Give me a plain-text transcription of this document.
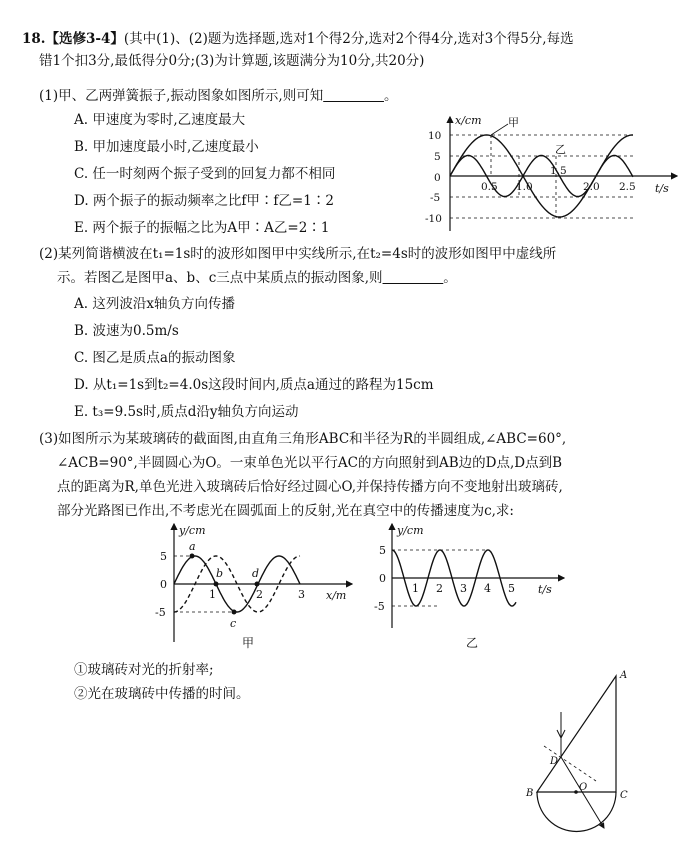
18.【选修3-4】(其中(1)、(2)题为选择题,选对1个得2分,选对2个得4分,选对3个得5分,每选
错1个扣3分,最低得分0分;(3)为计算题,该题满分为10分,共20分)
(1)甲、乙两弹簧振子,振动图象如图所示,则可知_________。
A. 甲速度为零时,乙速度最大
B. 甲加速度最小时,乙速度最小
C. 任一时刻两个振子受到的回复力都不相同
D. 两个振子的振动频率之比f甲∶f乙=1∶2
E. 两个振子的振幅之比为A甲∶A乙=2∶1
x/cm
t/s
甲
乙
10
5
0
-5
-10
0.5 1.0
1.5
2.0 2.5
(2)某列简谐横波在t₁=1s时的波形如图甲中实线所示,在t₂=4s时的波形如图甲中虚线所
示。若图乙是图甲a、b、c三点中某质点的振动图象,则_________。
A. 这列波沿x轴负方向传播
B. 波速为0.5m/s
C. 图乙是质点a的振动图象
D. 从t₁=1s到t₂=4.0s这段时间内,质点a通过的路程为15cm
E. t₃=9.5s时,质点d沿y轴负方向运动
(3)如图所示为某玻璃砖的截面图,由直角三角形ABC和半径为R的半圆组成,∠ABC=60°,
∠ACB=90°,半圆圆心为O。一束单色光以平行AC的方向照射到AB边的D点,D点到B
点的距离为R,单色光进入玻璃砖后恰好经过圆心O,并保持传播方向不变地射出玻璃砖,
部分光路图已作出,不考虑光在圆弧面上的反射,光在真空中的传播速度为c,求:
a
b
c
d
y/cm
x/m
5
0
-5
1	2	3
甲
y/cm
t/s
5
0
-5
1 2 3 4 5
乙
①玻璃砖对光的折射率;
②光在玻璃砖中传播的时间。
A
D
O
B	C
